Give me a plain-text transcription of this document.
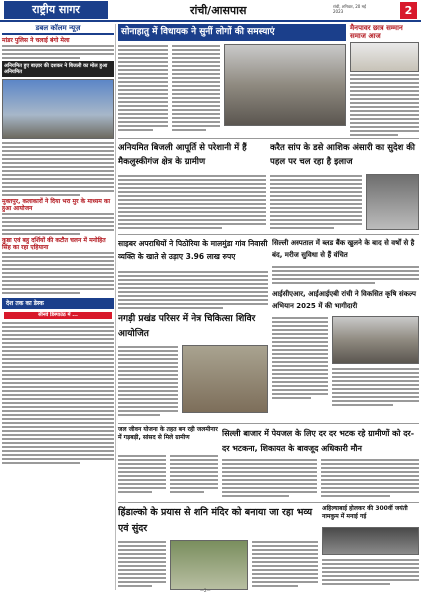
राष्ट्रीय सागर	रांची/आसपास	रांची, शनिवार, 20 मई 2023	2
डबल कॉलम न्यूज़
मांडर पुलिस ने चलाई बंगो मेला
अनियमित हुए बाज़ार की दशकर ने बिजली का मोल हुआ अनियमित
मुक्तपुर, कलाकारों ने दिया भरा मुर के माध्यम का हुआ आयोजन
कुष्ठा एवं बहु दर्शियों की कटौत चलन में मनोहित सिंह का रहा एहियाना
देश तक का डेस्क
सीनवे डिस्पाउंठ में ...
सोनाहातु में विधायक ने सुनीं लोगों की समस्याएं	मैनपावर छात्र सम्मान समाज आज
अनियमित बिजली आपूर्ति से परेशानी में हैं मैकलुस्कीगंज क्षेत्र के ग्रामीण
करैत सांप के डसे आशिक अंसारी का सुदेश की पहल पर चल रहा है इलाज
साइबर अपराधियों ने पिठोरिया के मालमुंडा गांव निवासी व्यक्ति के खाते से उड़ाए 3.96 लाख रुपए
सिल्ली अस्पताल में ब्लड बैंक खुलने के बाद से वर्षों से है बंद, मरीज सुविधा से हैं वंचित
आईसीएआर, आईआईएबी रांची ने विकसित कृषि संकल्प अभियान 2025 में की भागीदारी
नगड़ी प्रखंड परिसर में नेत्र चिकित्सा शिविर आयोजित
जल जीवन योजना के तहत बन रही जलमीनार में गड़बड़ी, सांसद से मिले ग्रामीण	सिल्ली बाजार में पेयजल के लिए दर दर भटक रहे ग्रामीणों को दर-दर भटकना, शिकायत के बावजूद अधिकारी मौन
हिंडाल्को के प्रयास से शनि मंदिर को बनाया जा रहा भव्य एवं सुंदर
अहिल्याबाई होलकर की 300वीं जयंती नामकुम में मनाई गई
—2—
